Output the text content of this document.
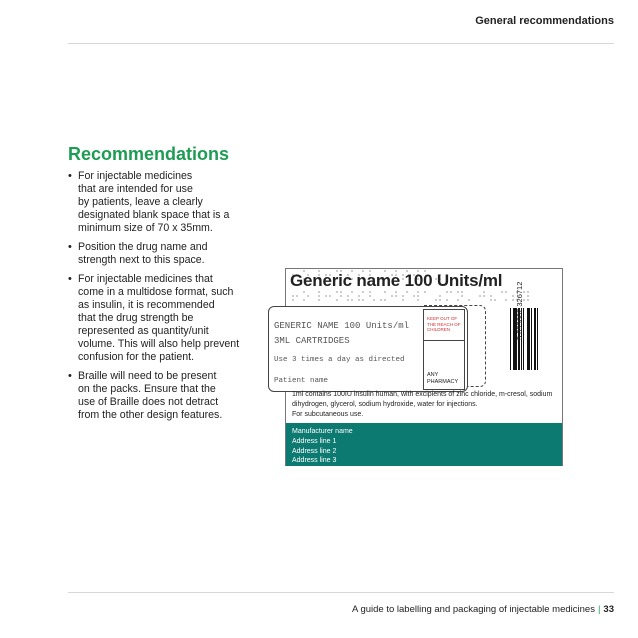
General recommendations
Recommendations
• For injectable medicines
that are intended for use
by patients, leave a clearly
designated blank space that is a
minimum size of 70 x 35mm.
• Position the drug name and
strength next to this space.
• For injectable medicines that
come in a multidose format, such
as insulin, it is recommended
that the drug strength be
represented as quantity/unit
volume. This will also help prevent
confusion for the patient.
• Braille will need to be present
on the packs. Ensure that the
use of Braille does not detract
from the other design features.
Generic name 100 Units/ml
5 099602 326712
GENERIC NAME 100 Units/ml
3ML CARTRIDGES
Use 3 times a day as directed
Patient name
KEEP OUT OF THE REACH OF CHILDREN
ANY PHARMACY
1ml contains 100IU insulin human, with excipients of zinc chloride, m-cresol, sodium dihydrogen, glycerol, sodium hydroxide, water for injections.
For subcutaneous use.
Manufacturer name
Address line 1
Address line 2
Address line 3
A guide to labelling and packaging of injectable medicines | 33
